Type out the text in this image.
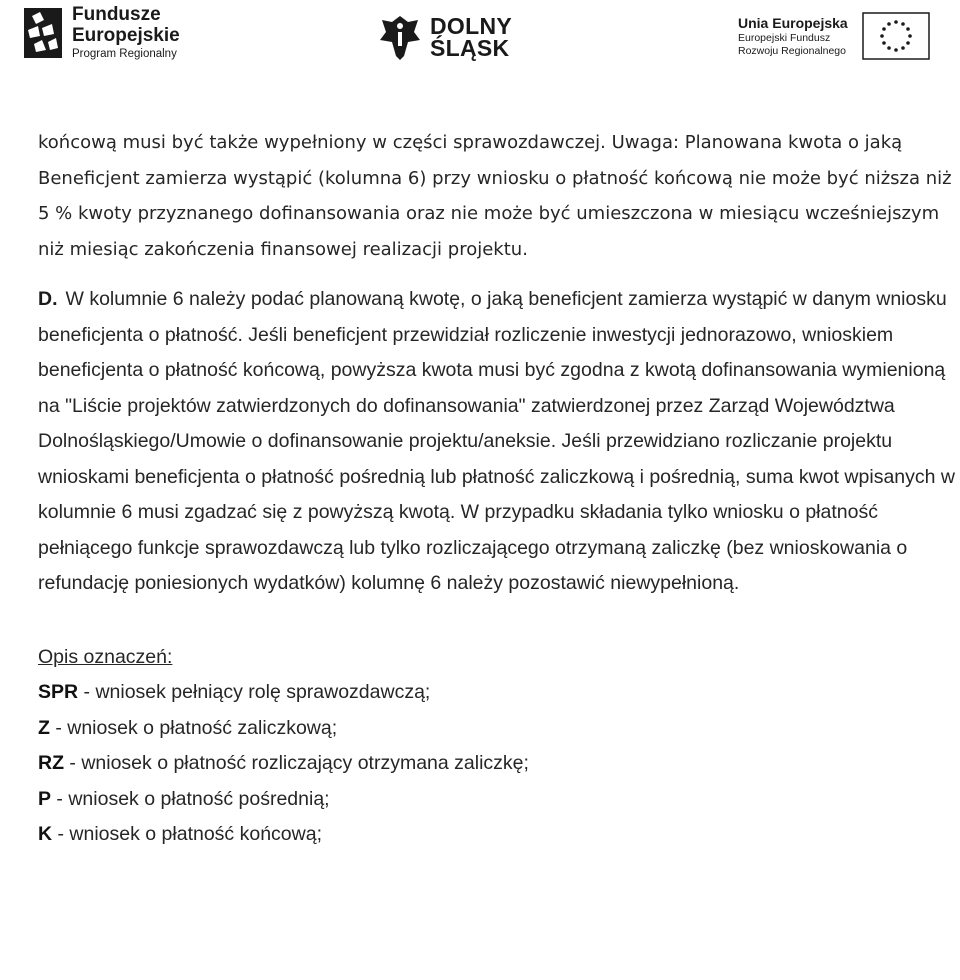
Fundusze
Europejskie
Program Regionalny
DOLNY
ŚLĄSK
Unia Europejska
Europejski Fundusz
Rozwoju Regionalnego

końcową musi być także wypełniony w części sprawozdawczej. Uwaga: Planowana kwota o jaką Beneficjent zamierza wystąpić (kolumna 6) przy wniosku o płatność końcową nie może być niższa niż 5 % kwoty przyznanego dofinansowania oraz nie może być umieszczona w miesiącu wcześniejszym niż miesiąc zakończenia finansowej realizacji projektu.

D. W kolumnie 6 należy podać planowaną kwotę, o jaką beneficjent zamierza wystąpić w danym wniosku beneficjenta o płatność. Jeśli beneficjent przewidział rozliczenie inwestycji jednorazowo, wnioskiem beneficjenta o płatność końcową, powyższa kwota musi być zgodna z kwotą dofinansowania wymienioną na "Liście projektów zatwierdzonych do dofinansowania" zatwierdzonej przez Zarząd Województwa Dolnośląskiego/Umowie o dofinansowanie projektu/aneksie. Jeśli przewidziano rozliczanie projektu wnioskami beneficjenta o płatność pośrednią lub płatność zaliczkową i pośrednią, suma kwot wpisanych w kolumnie 6 musi zgadzać się z powyższą kwotą. W przypadku składania tylko wniosku o płatność pełniącego funkcje sprawozdawczą lub tylko rozliczającego otrzymaną zaliczkę (bez wnioskowania o refundację poniesionych wydatków) kolumnę 6 należy pozostawić niewypełnioną.

Opis oznaczeń:
SPR - wniosek pełniący rolę sprawozdawczą;
Z - wniosek o płatność zaliczkową;
RZ - wniosek o płatność rozliczający otrzymana zaliczkę;
P - wniosek o płatność pośrednią;
K - wniosek o płatność końcową;
